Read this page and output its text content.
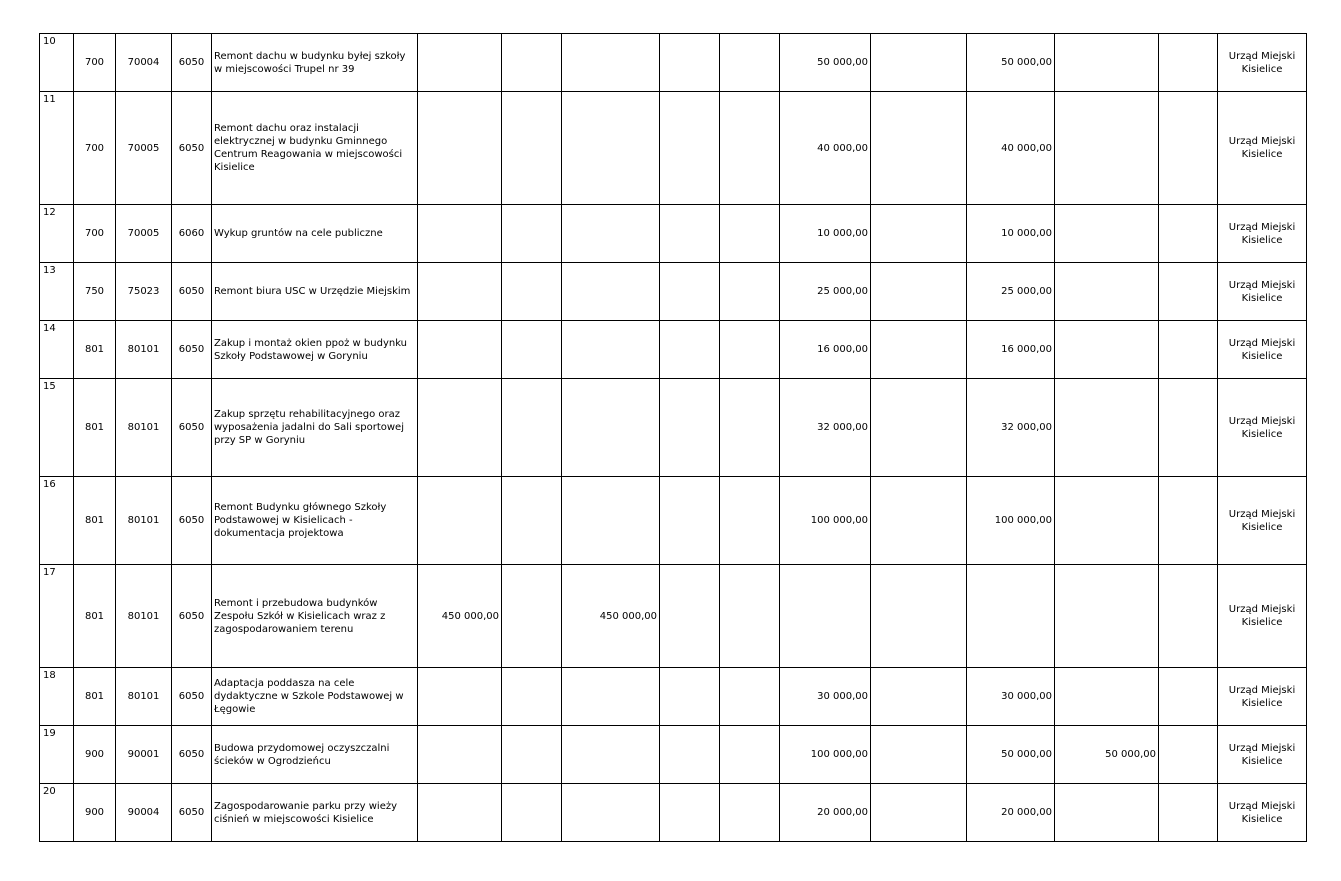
10	700	70004	6050	Remont dachu w budynku byłej szkoły w miejscowości Trupel nr 39						50 000,00		50 000,00			Urząd Miejski Kisielice
11	700	70005	6050	Remont dachu oraz instalacji elektrycznej w budynku Gminnego Centrum Reagowania w miejscowości Kisielice						40 000,00		40 000,00			Urząd Miejski Kisielice
12	700	70005	6060	Wykup gruntów na cele publiczne						10 000,00		10 000,00			Urząd Miejski Kisielice
13	750	75023	6050	Remont biura USC w Urzędzie Miejskim						25 000,00		25 000,00			Urząd Miejski Kisielice
14	801	80101	6050	Zakup i montaż okien ppoż w budynku Szkoły Podstawowej w Goryniu						16 000,00		16 000,00			Urząd Miejski Kisielice
15	801	80101	6050	Zakup sprzętu rehabilitacyjnego oraz wyposażenia jadalni do Sali sportowej przy SP w Goryniu						32 000,00		32 000,00			Urząd Miejski Kisielice
16	801	80101	6050	Remont Budynku głównego Szkoły Podstawowej w Kisielicach - dokumentacja projektowa						100 000,00		100 000,00			Urząd Miejski Kisielice
17	801	80101	6050	Remont i przebudowa budynków Zespołu Szkół w Kisielicach wraz z zagospodarowaniem terenu	450 000,00		450 000,00								Urząd Miejski Kisielice
18	801	80101	6050	Adaptacja poddasza na cele dydaktyczne w Szkole Podstawowej w Łęgowie						30 000,00		30 000,00			Urząd Miejski Kisielice
19	900	90001	6050	Budowa przydomowej oczyszczalni ścieków w Ogrodzieńcu						100 000,00		50 000,00	50 000,00		Urząd Miejski Kisielice
20	900	90004	6050	Zagospodarowanie parku przy wieży ciśnień w miejscowości Kisielice						20 000,00		20 000,00			Urząd Miejski Kisielice
